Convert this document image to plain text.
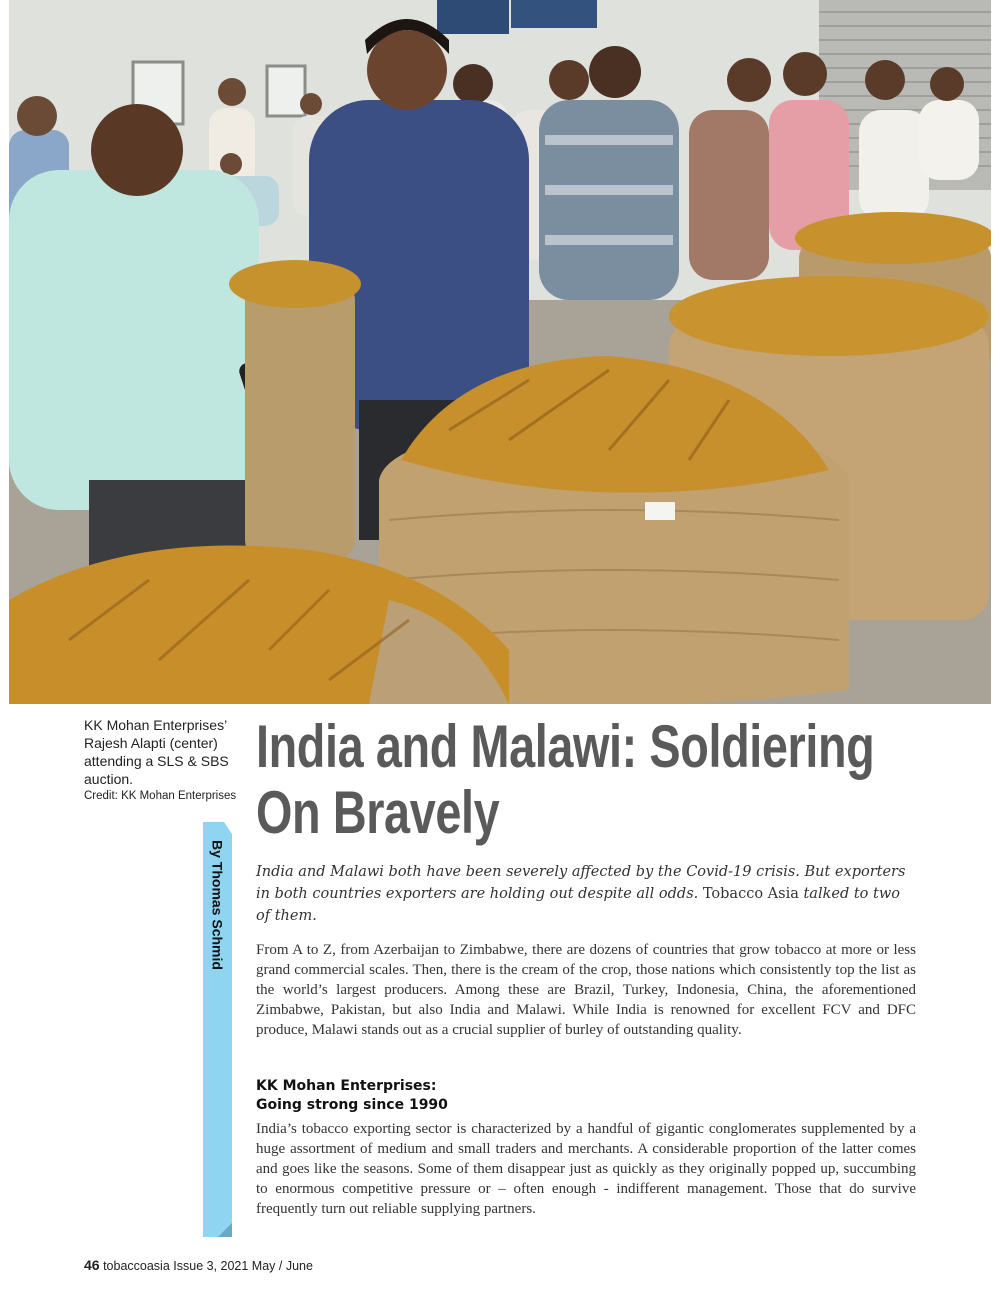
KK Mohan Enterprises’ Rajesh Alapti (center) attending a SLS & SBS auction.
Credit: KK Mohan Enterprises
By Thomas Schmid
India and Malawi: Soldiering
On Bravely

India and Malawi both have been severely affected by the Covid-19 crisis. But exporters in both countries exporters are holding out despite all odds. Tobacco Asia talked to two of them.

From A to Z, from Azerbaijan to Zimbabwe, there are dozens of countries that grow tobacco at more or less grand commercial scales. Then, there is the cream of the crop, those nations which consistently top the list as the world’s largest producers. Among these are Brazil, Turkey, Indonesia, China, the aforementioned Zimbabwe, Pakistan, but also India and Malawi. While India is renowned for excellent FCV and DFC produce, Malawi stands out as a crucial supplier of burley of outstanding quality.

KK Mohan Enterprises:
Going strong since 1990

India’s tobacco exporting sector is characterized by a handful of gigantic conglomerates supplemented by a huge assortment of medium and small traders and merchants. A considerable proportion of the latter comes and goes like the seasons. Some of them disappear just as quickly as they originally popped up, succumbing to enormous competitive pressure or – often enough - indifferent management. Those that do survive frequently turn out reliable supplying partners.

46 tobaccoasia Issue 3, 2021 May / June
